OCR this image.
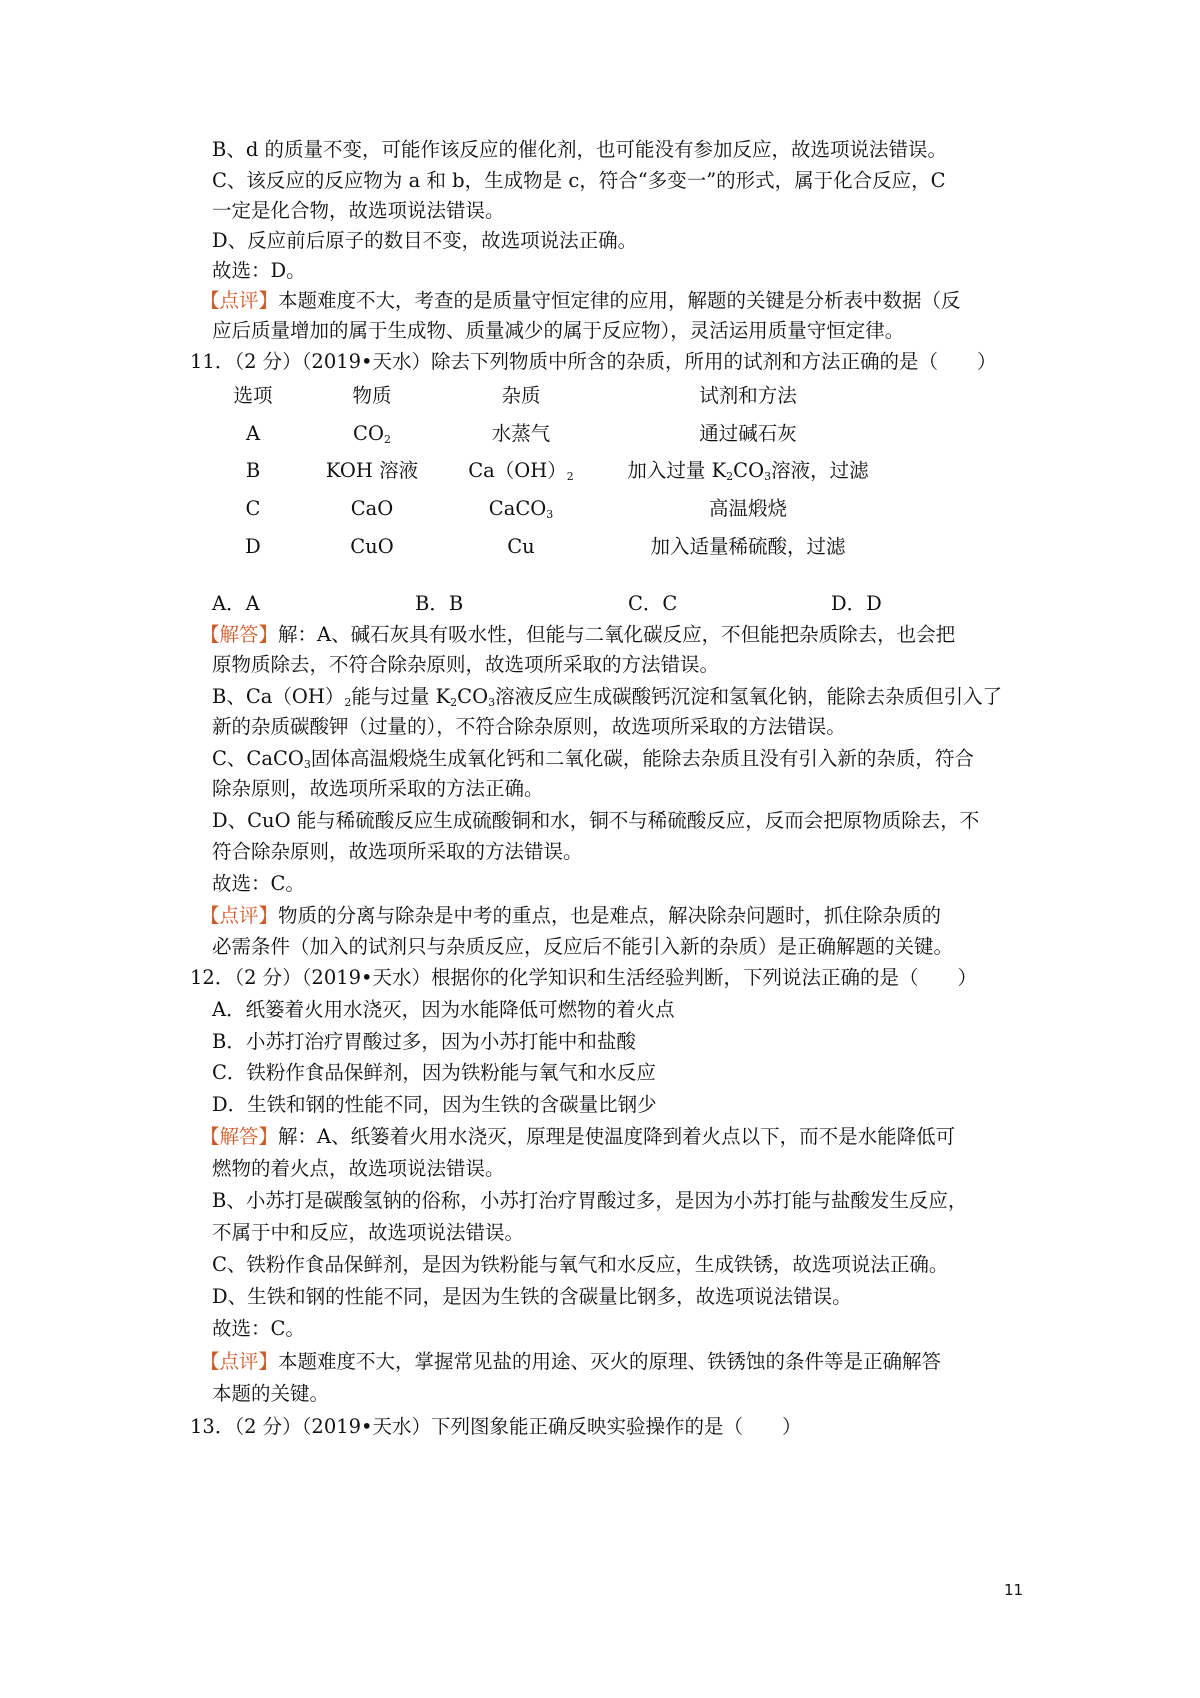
B、d 的质量不变，可能作该反应的催化剂，也可能没有参加反应，故选项说法错误。
C、该反应的反应物为 a 和 b，生成物是 c，符合“多变一”的形式，属于化合反应，C
一定是化合物，故选项说法错误。
D、反应前后原子的数目不变，故选项说法正确。
故选：D。
【点评】本题难度不大，考查的是质量守恒定律的应用，解题的关键是分析表中数据（反
应后质量增加的属于生成物、质量减少的属于反应物），灵活运用质量守恒定律。
11．（2 分）（2019•天水）除去下列物质中所含的杂质，所用的试剂和方法正确的是（　　）
选项	物质	杂质	试剂和方法
A	$CO_2$	水蒸气	通过碱石灰
B	KOH 溶液	$Ca(OH)_2$	加入过量 $K_2CO_3$溶液，过滤
C	CaO	CaCO$_3$	高温煅烧
D	CuO	Cu	加入适量稀硫酸，过滤
A．A	B．B	C．C	D．D
【解答】解：A、碱石灰具有吸水性，但能与二氧化碳反应，不但能把杂质除去，也会把
原物质除去，不符合除杂原则，故选项所采取的方法错误。
B、$Ca(OH)_2$能与过量 $K_2CO_3$溶液反应生成碳酸钙沉淀和氢氧化钠，能除去杂质但引入了
新的杂质碳酸钾（过量的），不符合除杂原则，故选项所采取的方法错误。
C、CaCO$_3$固体高温煅烧生成氧化钙和二氧化碳，能除去杂质且没有引入新的杂质，符合
除杂原则，故选项所采取的方法正确。
D、CuO 能与稀硫酸反应生成硫酸铜和水，铜不与稀硫酸反应，反而会把原物质除去，不
符合除杂原则，故选项所采取的方法错误。
故选：C。
【点评】物质的分离与除杂是中考的重点，也是难点，解决除杂问题时，抓住除杂质的
必需条件（加入的试剂只与杂质反应，反应后不能引入新的杂质）是正确解题的关键。
12．（2 分）（2019•天水）根据你的化学知识和生活经验判断，下列说法正确的是（　　）
A．纸篓着火用水浇灭，因为水能降低可燃物的着火点
B．小苏打治疗胃酸过多，因为小苏打能中和盐酸
C．铁粉作食品保鲜剂，因为铁粉能与氧气和水反应
D．生铁和钢的性能不同，因为生铁的含碳量比钢少
【解答】解：A、纸篓着火用水浇灭，原理是使温度降到着火点以下，而不是水能降低可
燃物的着火点，故选项说法错误。
B、小苏打是碳酸氢钠的俗称，小苏打治疗胃酸过多，是因为小苏打能与盐酸发生反应，
不属于中和反应，故选项说法错误。
C、铁粉作食品保鲜剂，是因为铁粉能与氧气和水反应，生成铁锈，故选项说法正确。
D、生铁和钢的性能不同，是因为生铁的含碳量比钢多，故选项说法错误。
故选：C。
【点评】本题难度不大，掌握常见盐的用途、灭火的原理、铁锈蚀的条件等是正确解答
本题的关键。
13．（2 分）（2019•天水）下列图象能正确反映实验操作的是（　　）
11
